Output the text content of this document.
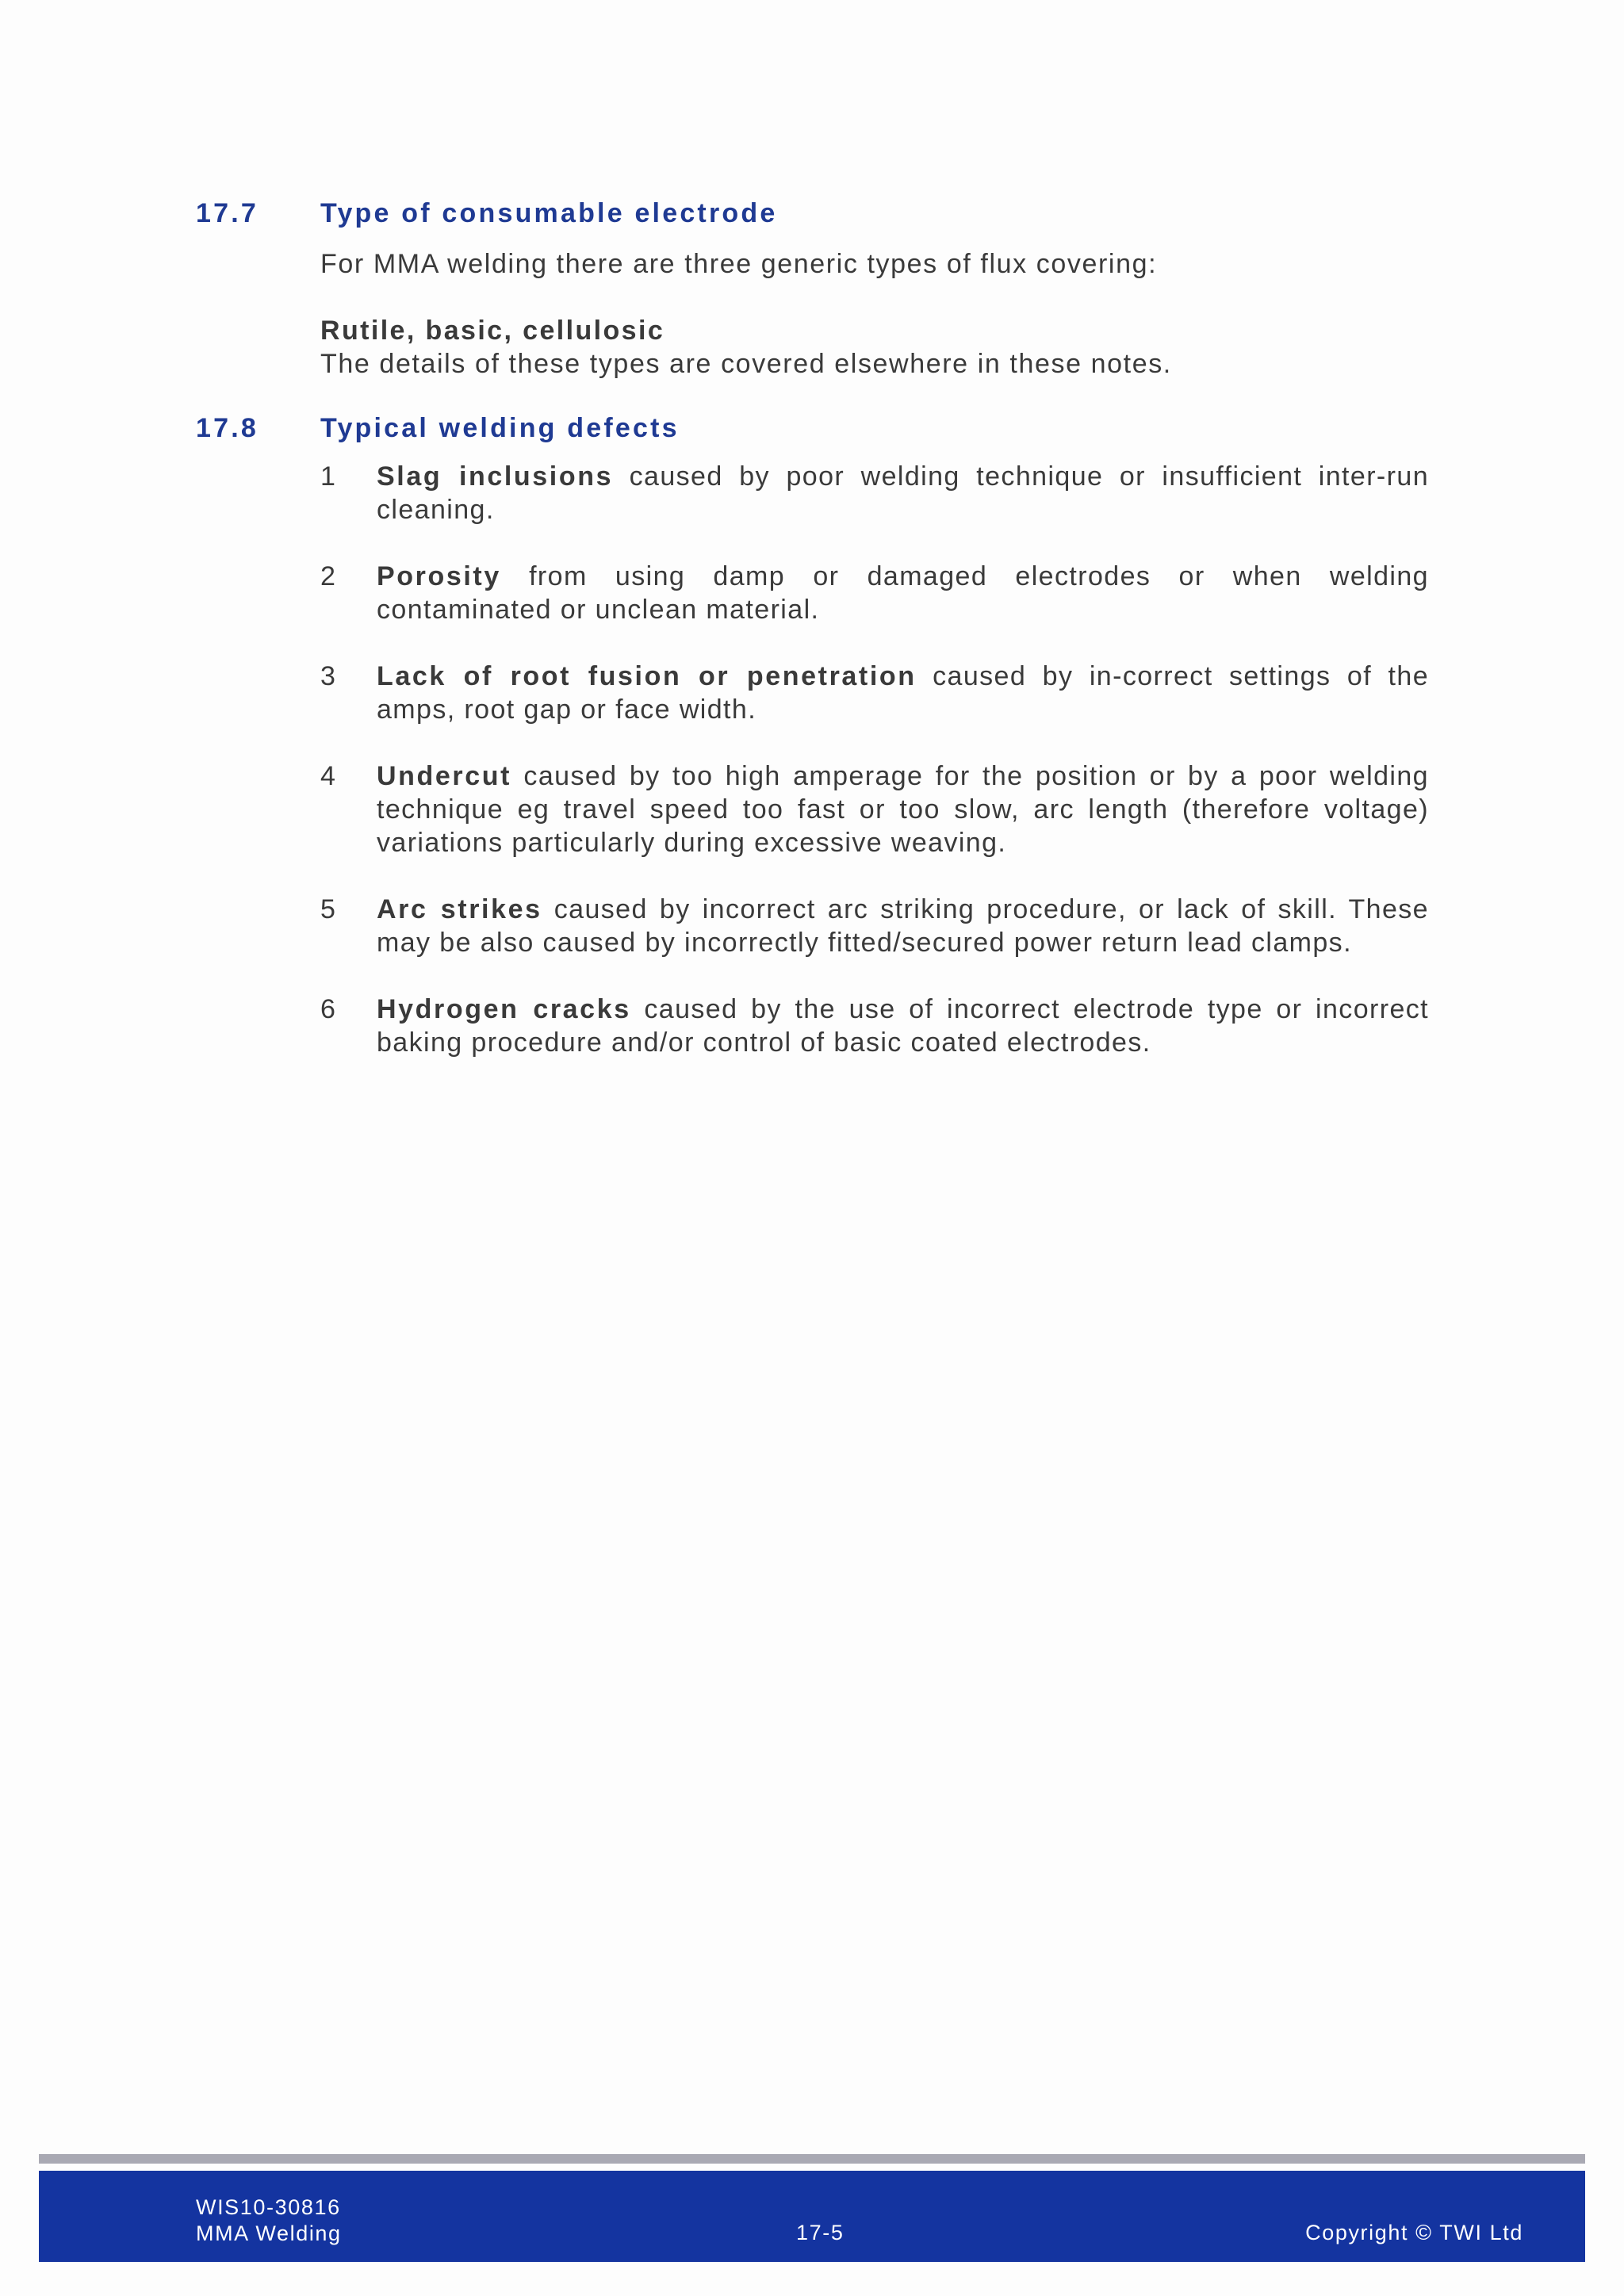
17.7 Type of consumable electrode
For MMA welding there are three generic types of flux covering:
Rutile, basic, cellulosic
The details of these types are covered elsewhere in these notes.
17.8 Typical welding defects
1 Slag inclusions caused by poor welding technique or insufficient inter-run cleaning.
2 Porosity from using damp or damaged electrodes or when welding contaminated or unclean material.
3 Lack of root fusion or penetration caused by in-correct settings of the amps, root gap or face width.
4 Undercut caused by too high amperage for the position or by a poor welding technique eg travel speed too fast or too slow, arc length (therefore voltage) variations particularly during excessive weaving.
5 Arc strikes caused by incorrect arc striking procedure, or lack of skill. These may be also caused by incorrectly fitted/secured power return lead clamps.
6 Hydrogen cracks caused by the use of incorrect electrode type or incorrect baking procedure and/or control of basic coated electrodes.
WIS10-30816
MMA Welding	17-5	Copyright © TWI Ltd
